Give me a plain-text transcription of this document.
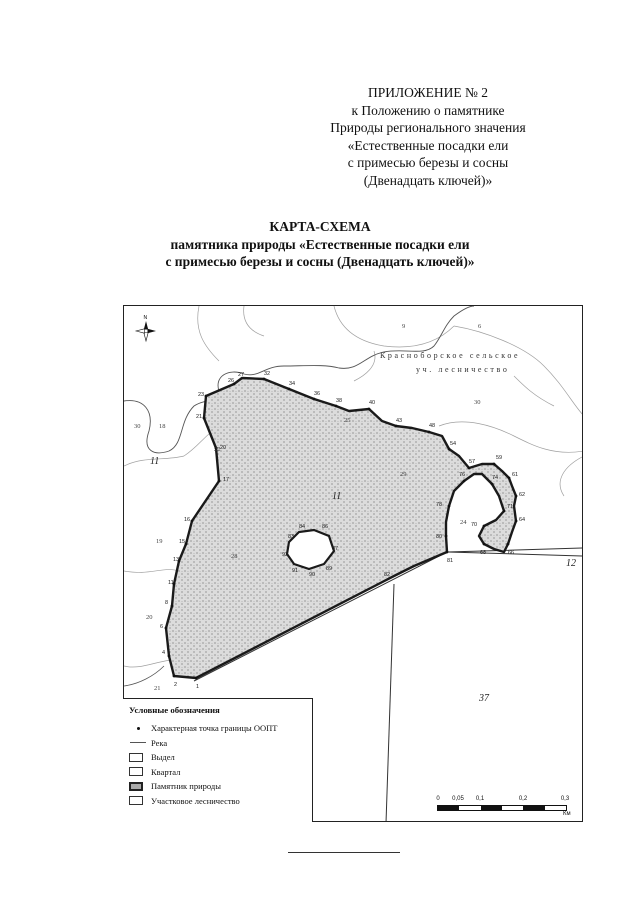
ПРИЛОЖЕНИЕ № 2
к Положению о памятнике
Природы регионального значения
«Естественные посадки ели
с примесью березы и сосны
(Двенадцать ключей)»
КАРТА-СХЕМА
памятника природы «Естественные посадки ели
с примесью березы и сосны (Двенадцать ключей)»
1
2
4
6
8
11
13
15
16
17
20
21
23
26
27	32
34
36
38	40
43
48
54
57
59
61
62
64
66
68
70
71
74
76
78
80
81
82
84	86
87
89
90
91
92
83
9	6
30
18
19
20
21
22
25
28
29
24
30
11
11
12
37
Красноборское сельское
уч. лесничество
N
Условные обозначения
Характерная точка границы ООПТ
Река
Выдел
Квартал
Памятник природы
Участковое лесничество	0 0,05 0,1	0,2	0,3
Км
